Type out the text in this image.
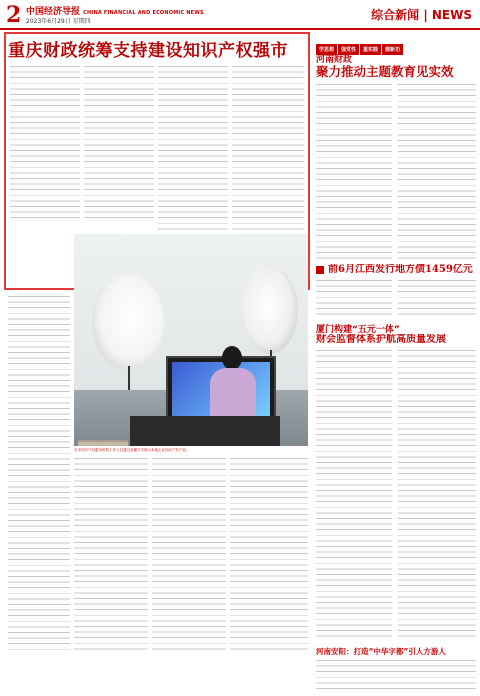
2 中国经济导报 CHINA FINANCIAL AND ECONOMIC NEWS
2023年6月29日 星期四	综合新闻 | NEWS
重庆财政统筹支持建设知识产权强市
本市知识产权服务机构工作人员通过直播方式展示本地企业知识产权产品。
学思想 强党性 重实践 建新功
河南财政
聚力推动主题教育见实效
前6月江西发行地方债1459亿元
厦门构建“五元一体”
财会监督体系护航高质量发展
河南安阳：打造“中华字都”引人方游人
